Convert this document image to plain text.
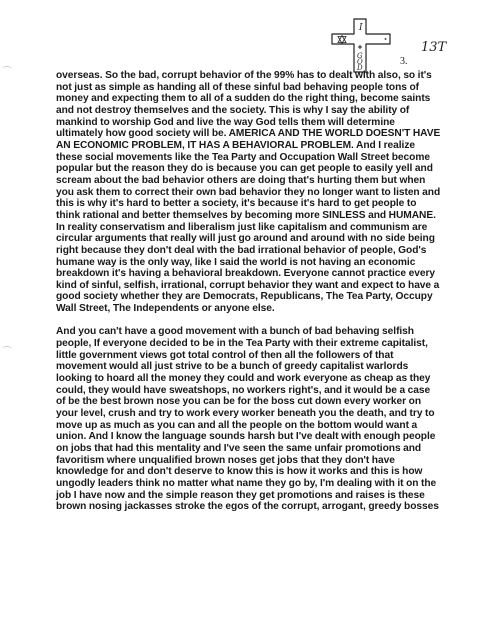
I
G
O
D
13T
3.

overseas. So the bad, corrupt behavior of the 99% has to dealt with also, so it's
not just as simple as handing all of these sinful bad behaving people tons of
money and expecting them to all of a sudden do the right thing, become saints
and not destroy themselves and the society. This is why I say the ability of
mankind to worship God and live the way God tells them will determine
ultimately how good society will be. AMERICA AND THE WORLD DOESN'T HAVE
AN ECONOMIC PROBLEM, IT HAS A BEHAVIORAL PROBLEM. And I realize
these social movements like the Tea Party and Occupation Wall Street become
popular but the reason they do is because you can get people to easily yell and
scream about the bad behavior others are doing that's hurting them but when
you ask them to correct their own bad behavior they no longer want to listen and
this is why it's hard to better a society, it's because it's hard to get people to
think rational and better themselves by becoming more SINLESS and HUMANE.
In reality conservatism and liberalism just like capitalism and communism are
circular arguments that really will just go around and around with no side being
right because they don't deal with the bad irrational behavior of people, God's
humane way is the only way, like I said the world is not having an economic
breakdown it's having a behavioral breakdown. Everyone cannot practice every
kind of sinful, selfish, irrational, corrupt behavior they want and expect to have a
good society whether they are Democrats, Republicans, The Tea Party, Occupy
Wall Street, The Independents or anyone else.

And you can't have a good movement with a bunch of bad behaving selfish
people, If everyone decided to be in the Tea Party with their extreme capitalist,
little government views got total control of then all the followers of that
movement would all just strive to be a bunch of greedy capitalist warlords
looking to hoard all the money they could and work everyone as cheap as they
could, they would have sweatshops, no workers right's, and it would be a case
of be the best brown nose you can be for the boss cut down every worker on
your level, crush and try to work every worker beneath you the death, and try to
move up as much as you can and all the people on the bottom would want a
union. And I know the language sounds harsh but I've dealt with enough people
on jobs that had this mentality and I've seen the same unfair promotions and
favoritism where unqualified brown noses get jobs that they don't have
knowledge for and don't deserve to know this is how it works and this is how
ungodly leaders think no matter what name they go by, I'm dealing with it on the
job I have now and the simple reason they get promotions and raises is these
brown nosing jackasses stroke the egos of the corrupt, arrogant, greedy bosses
